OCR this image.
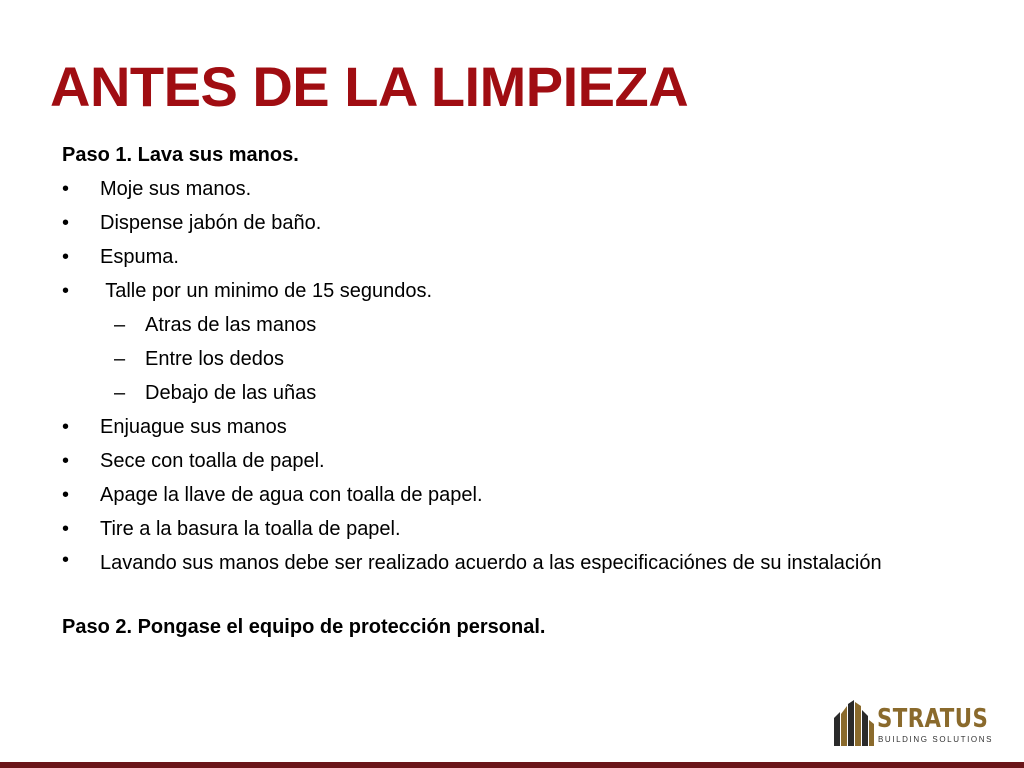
ANTES DE LA LIMPIEZA
Paso 1. Lava sus manos.
• Moje sus manos.
• Dispense jabón de baño.
• Espuma.
• Talle por un minimo de 15 segundos.
– Atras de las manos
– Entre los dedos
– Debajo de las uñas
• Enjuague sus manos
• Sece con toalla de papel.
• Apage la llave de agua con toalla de papel.
• Tire a la basura la toalla de papel.
• Lavando sus manos debe ser realizado acuerdo a las especificaciónes de su instalación
Paso 2. Pongase el equipo de protección personal.
STRATUS
BUILDING SOLUTIONS
